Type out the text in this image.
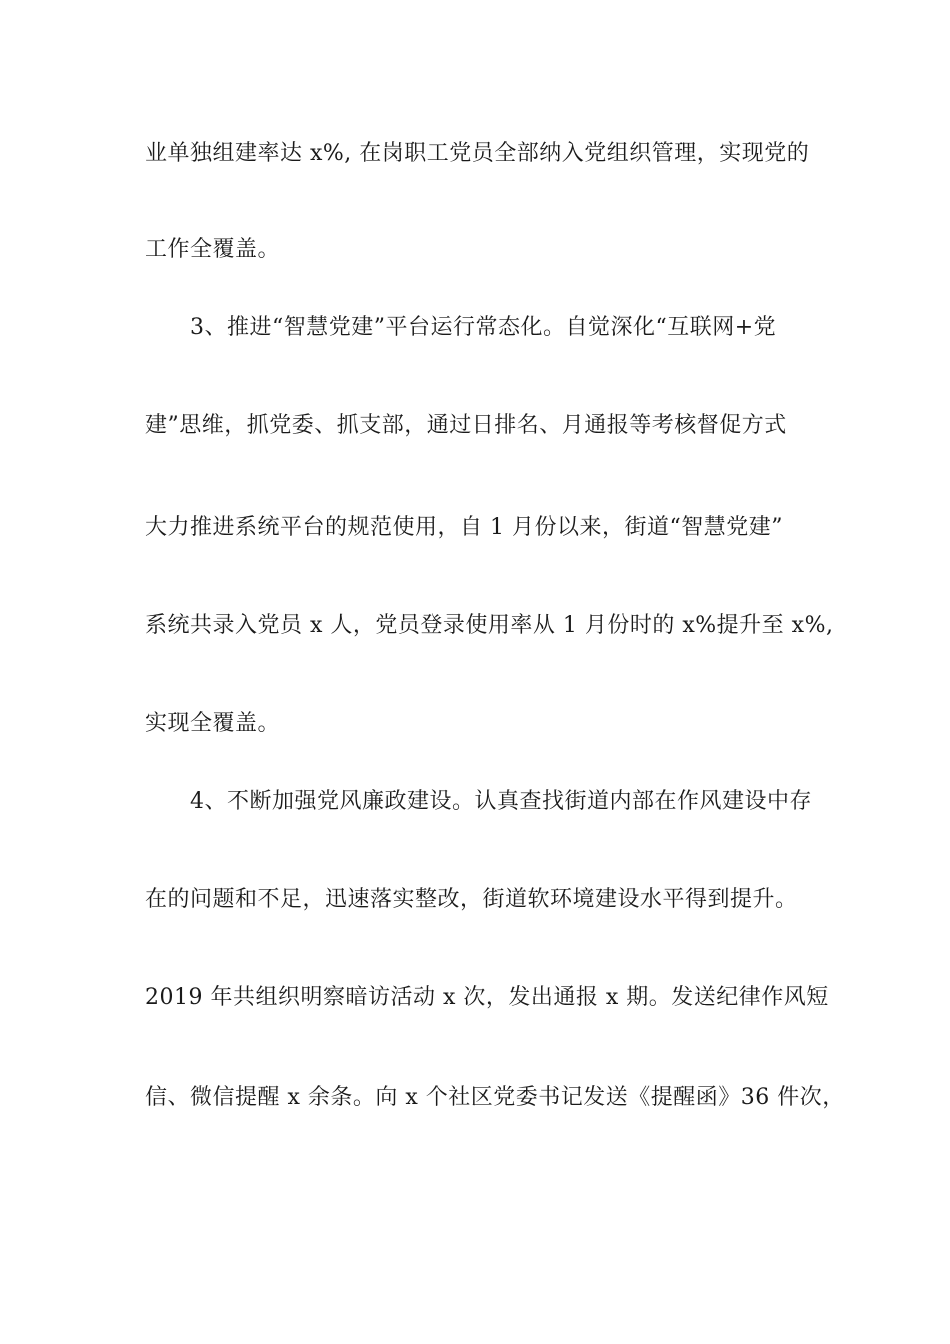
业单独组建率达 x%, 在岗职工党员全部纳入党组织管理，实现党的
工作全覆盖。
3、推进“智慧党建”平台运行常态化。自觉深化“互联网+党
建”思维，抓党委、抓支部，通过日排名、月通报等考核督促方式
大力推进系统平台的规范使用，自 1 月份以来，街道“智慧党建”
系统共录入党员 x 人，党员登录使用率从 1 月份时的 x%提升至 x%,
实现全覆盖。
4、不断加强党风廉政建设。认真查找街道内部在作风建设中存
在的问题和不足，迅速落实整改，街道软环境建设水平得到提升。
2019 年共组织明察暗访活动 x 次，发出通报 x 期。发送纪律作风短
信、微信提醒 x 余条。向 x 个社区党委书记发送《提醒函》36 件次，
